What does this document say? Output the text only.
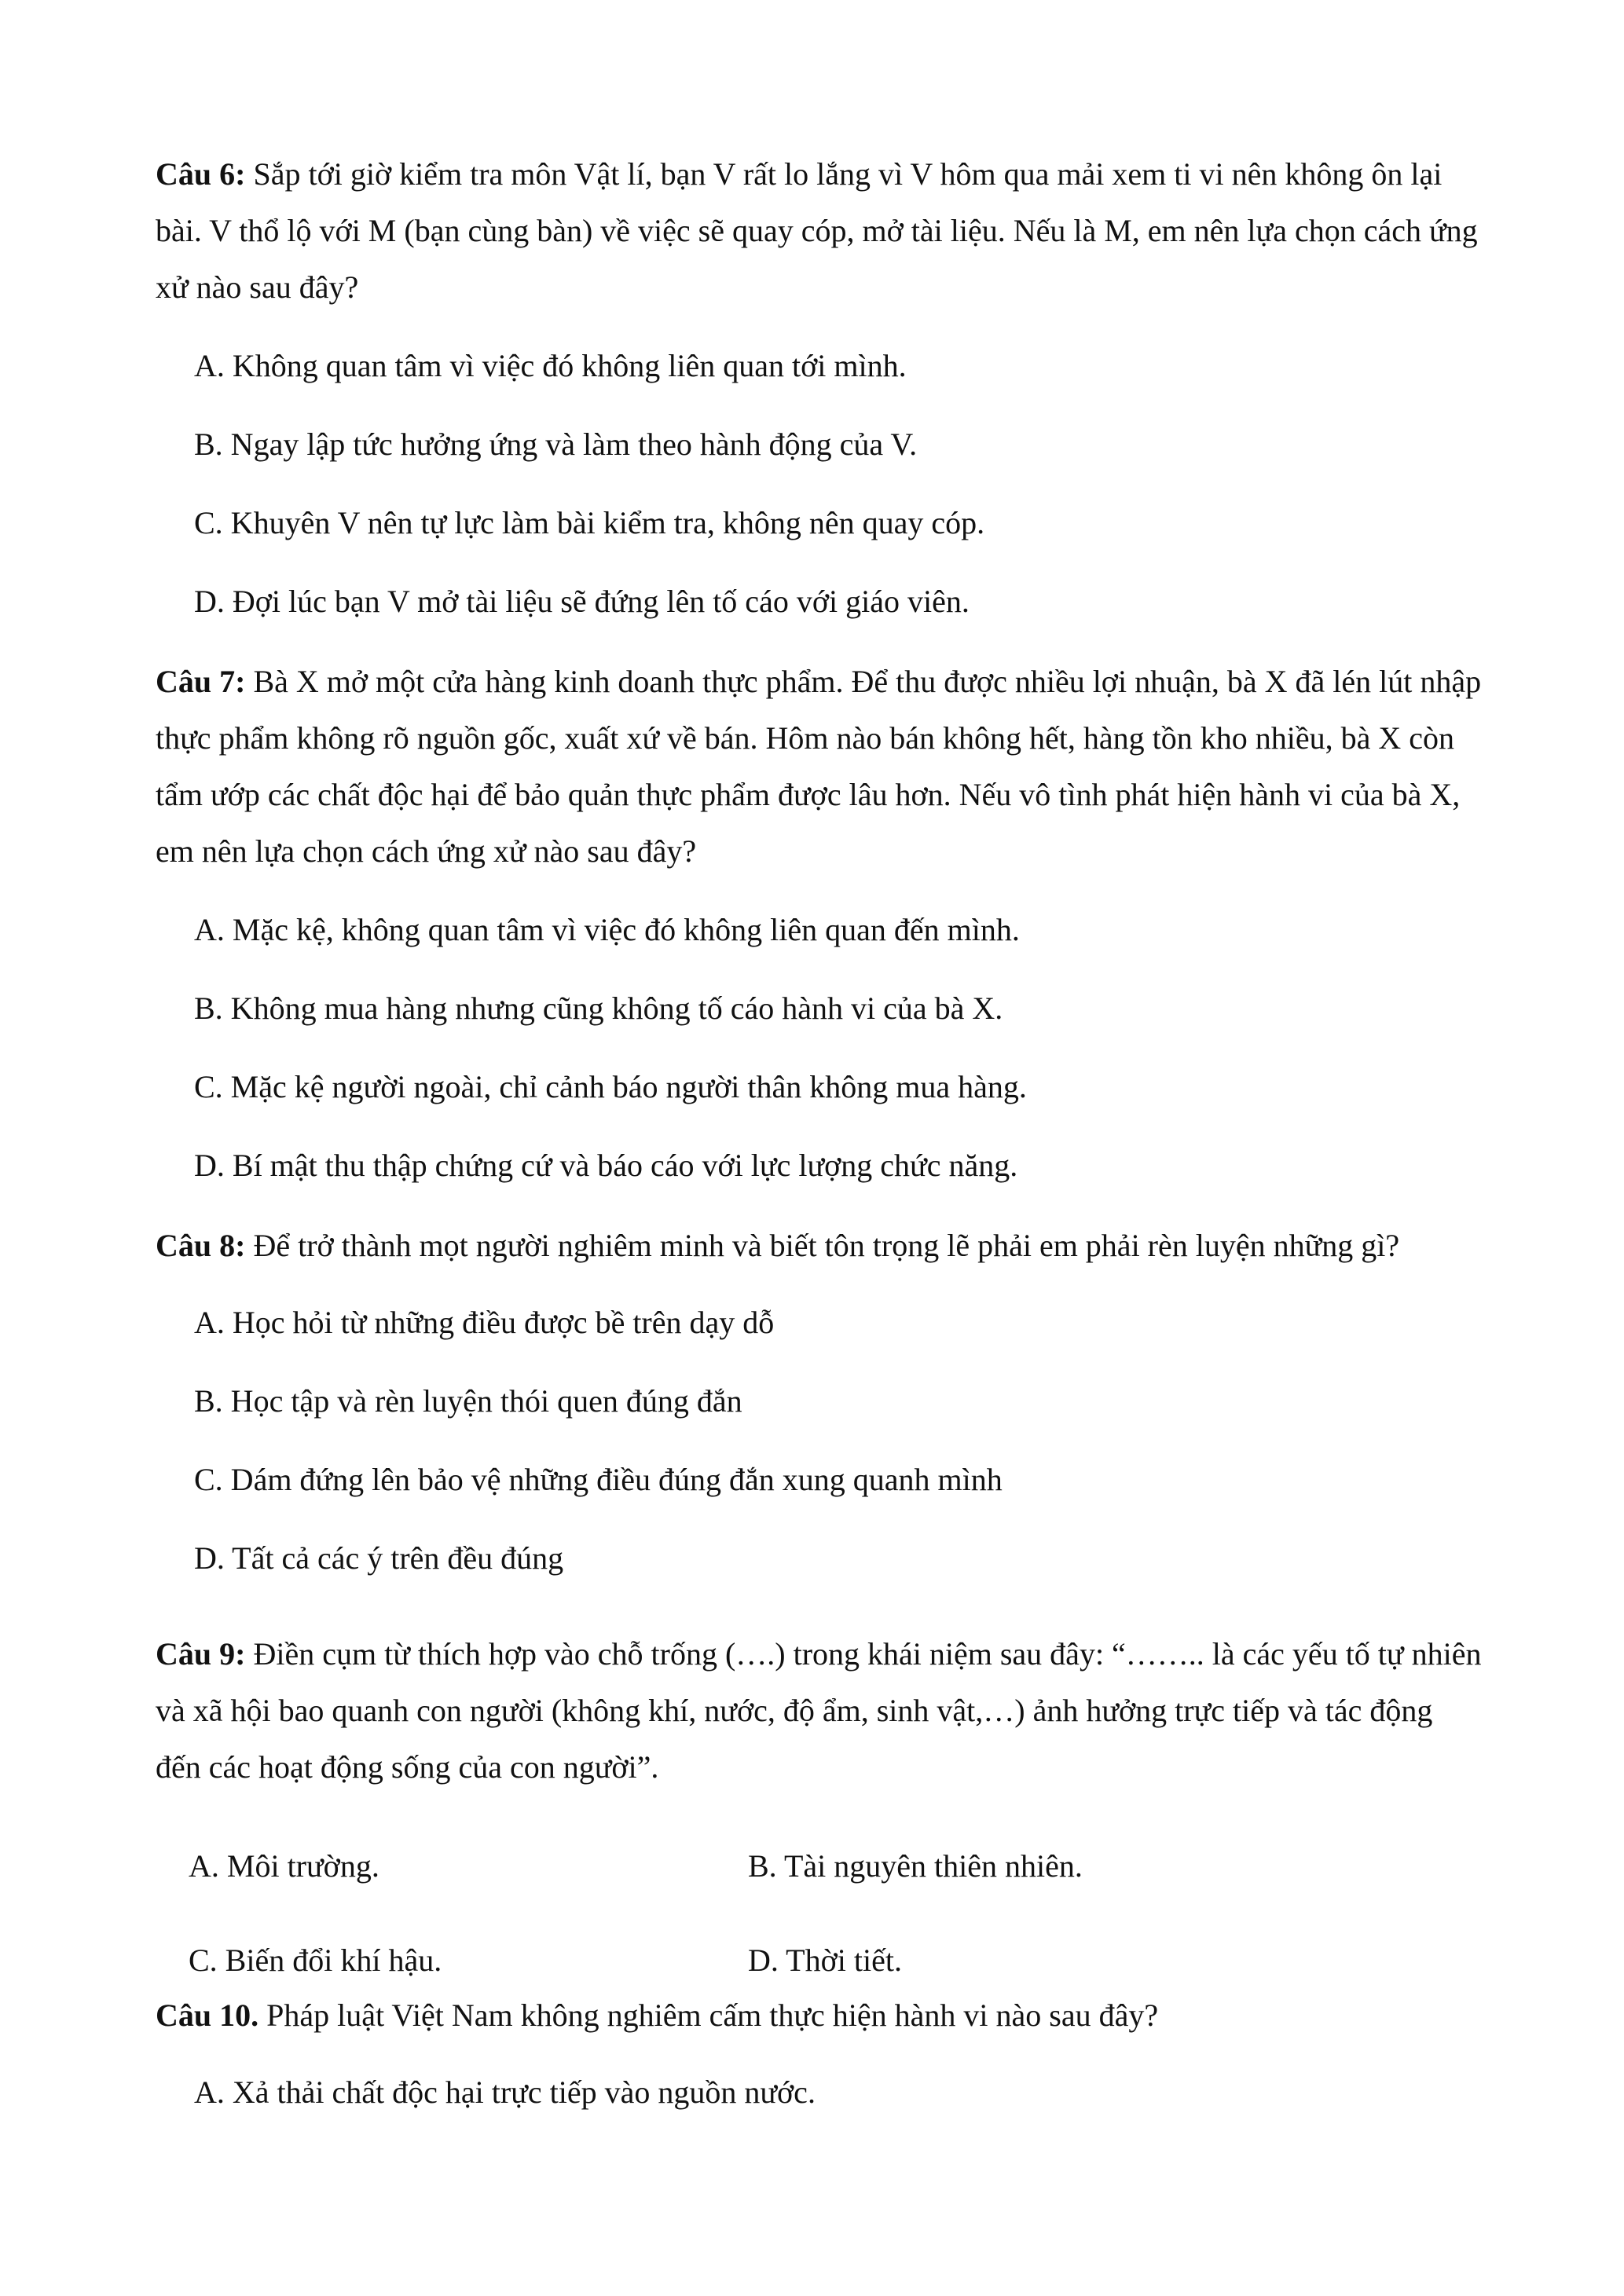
Câu 6: Sắp tới giờ kiểm tra môn Vật lí, bạn V rất lo lắng vì V hôm qua mải xem ti vi nên không ôn lại bài. V thổ lộ với M (bạn cùng bàn) về việc sẽ quay cóp, mở tài liệu. Nếu là M, em nên lựa chọn cách ứng xử nào sau đây?
A. Không quan tâm vì việc đó không liên quan tới mình.
B. Ngay lập tức hưởng ứng và làm theo hành động của V.
C. Khuyên V nên tự lực làm bài kiểm tra, không nên quay cóp.
D. Đợi lúc bạn V mở tài liệu sẽ đứng lên tố cáo với giáo viên.
Câu 7: Bà X mở một cửa hàng kinh doanh thực phẩm. Để thu được nhiều lợi nhuận, bà X đã lén lút nhập thực phẩm không rõ nguồn gốc, xuất xứ về bán. Hôm nào bán không hết, hàng tồn kho nhiều, bà X còn tẩm ướp các chất độc hại để bảo quản thực phẩm được lâu hơn. Nếu vô tình phát hiện hành vi của bà X, em nên lựa chọn cách ứng xử nào sau đây?
A. Mặc kệ, không quan tâm vì việc đó không liên quan đến mình.
B. Không mua hàng nhưng cũng không tố cáo hành vi của bà X.
C. Mặc kệ người ngoài, chỉ cảnh báo người thân không mua hàng.
D. Bí mật thu thập chứng cứ và báo cáo với lực lượng chức năng.
Câu 8: Để trở thành mọt người nghiêm minh và biết tôn trọng lẽ phải em phải rèn luyện những gì?
A. Học hỏi từ những điều được bề trên dạy dỗ
B. Học tập và rèn luyện thói quen đúng đắn
C. Dám đứng lên bảo vệ những điều đúng đắn xung quanh mình
D. Tất cả các ý trên đều đúng
Câu 9: Điền cụm từ thích hợp vào chỗ trống (….) trong khái niệm sau đây: “…….. là các yếu tố tự nhiên và xã hội bao quanh con người (không khí, nước, độ ẩm, sinh vật,…) ảnh hưởng trực tiếp và tác động đến các hoạt động sống của con người”.
A. Môi trường.	B. Tài nguyên thiên nhiên.
C. Biến đổi khí hậu.	D. Thời tiết.
Câu 10. Pháp luật Việt Nam không nghiêm cấm thực hiện hành vi nào sau đây?
A. Xả thải chất độc hại trực tiếp vào nguồn nước.
